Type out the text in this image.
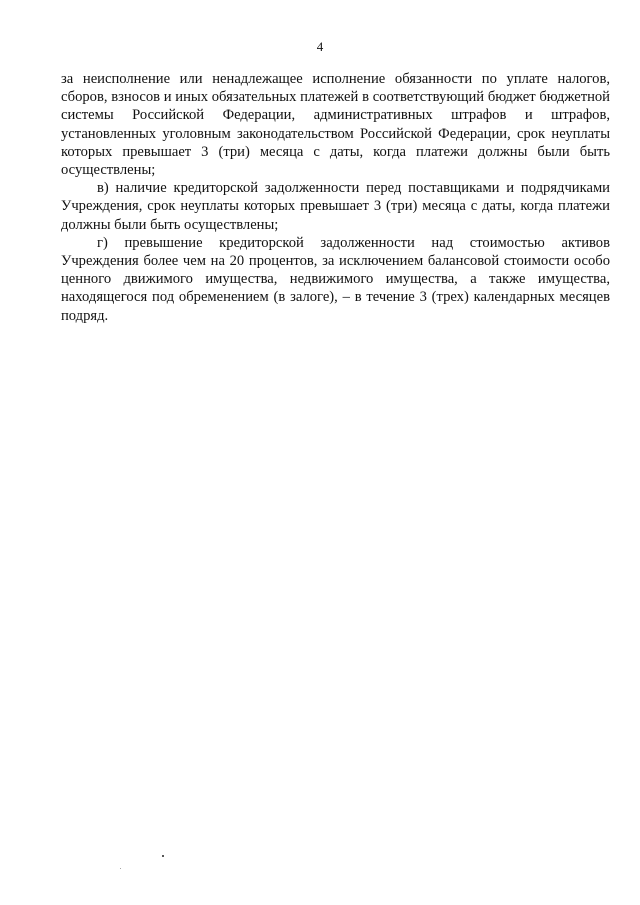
4

за неисполнение или ненадлежащее исполнение обязанности по уплате налогов, сборов, взносов и иных обязательных платежей в соответствующий бюджет бюджетной системы Российской Федерации, административных штрафов и штрафов, установленных уголовным законодательством Российской Федерации, срок неуплаты которых превышает 3 (три) месяца с даты, когда платежи должны были быть осуществлены;

в) наличие кредиторской задолженности перед поставщиками и подрядчиками Учреждения, срок неуплаты которых превышает 3 (три) месяца с даты, когда платежи должны были быть осуществлены;

г) превышение кредиторской задолженности над стоимостью активов Учреждения более чем на 20 процентов, за исключением балансовой стоимости особо ценного движимого имущества, недвижимого имущества, а также имущества, находящегося под обременением (в залоге), – в течение 3 (трех) календарных месяцев подряд.
